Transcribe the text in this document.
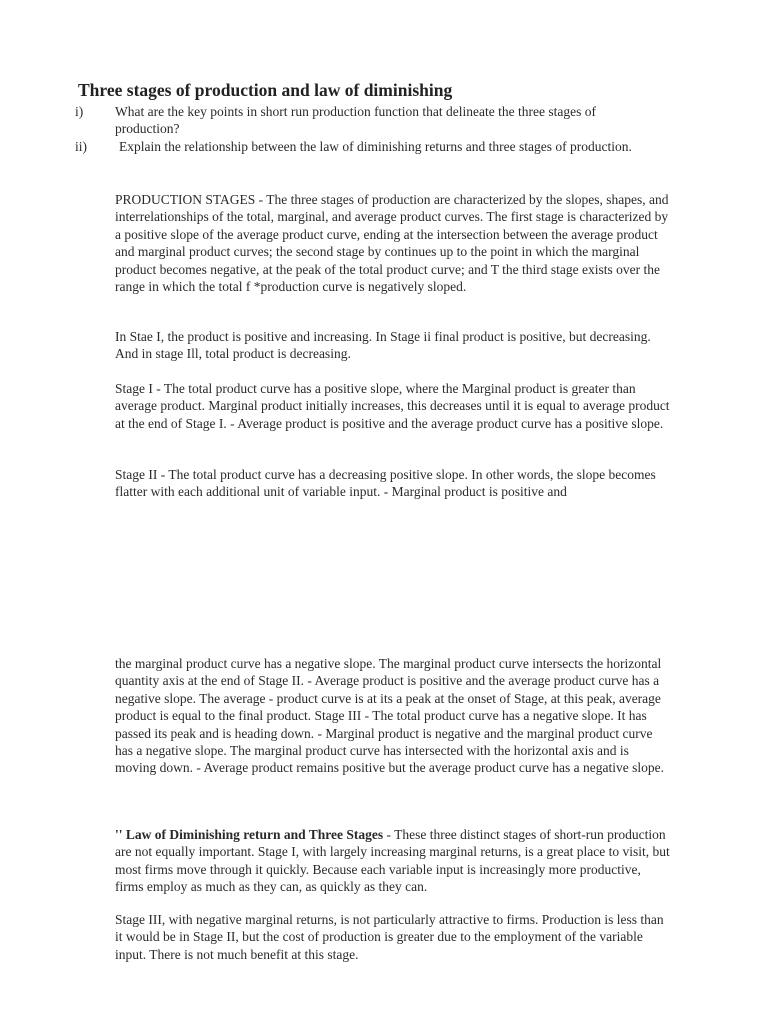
Three stages of production and law of diminishing
i) What are the key points in short run production function that delineate the three stages of production?
ii) Explain the relationship between the law of diminishing returns and three stages of production.

PRODUCTION STAGES - The three stages of production are characterized by the slopes, shapes, and interrelationships of the total, marginal, and average product curves. The first stage is characterized by a positive slope of the average product curve, ending at the intersection between the average product and marginal product curves; the second stage by continues up to the point in which the marginal product becomes negative, at the peak of the total product curve; and T the third stage exists over the range in which the total f *production curve is negatively sloped.

In Stae I, the product is positive and increasing. In Stage ii final product is positive, but decreasing. And in stage Ill, total product is decreasing.

Stage I - The total product curve has a positive slope, where the Marginal product is greater than average product. Marginal product initially increases, this decreases until it is equal to average product at the end of Stage I. - Average product is positive and the average product curve has a positive slope.

Stage II - The total product curve has a decreasing positive slope. In other words, the slope becomes flatter with each additional unit of variable input. - Marginal product is positive and

the marginal product curve has a negative slope. The marginal product curve intersects the horizontal quantity axis at the end of Stage II. - Average product is positive and the average product curve has a negative slope. The average - product curve is at its a peak at the onset of Stage, at this peak, average product is equal to the final product. Stage III - The total product curve has a negative slope. It has passed its peak and is heading down. - Marginal product is negative and the marginal product curve has a negative slope. The marginal product curve has intersected with the horizontal axis and is moving down. - Average product remains positive but the average product curve has a negative slope.

'' Law of Diminishing return and Three Stages - These three distinct stages of short-run production are not equally important. Stage I, with largely increasing marginal returns, is a great place to visit, but most firms move through it quickly. Because each variable input is increasingly more productive, firms employ as much as they can, as quickly as they can.

Stage III, with negative marginal returns, is not particularly attractive to firms. Production is less than it would be in Stage II, but the cost of production is greater due to the employment of the variable input. There is not much benefit at this stage.
